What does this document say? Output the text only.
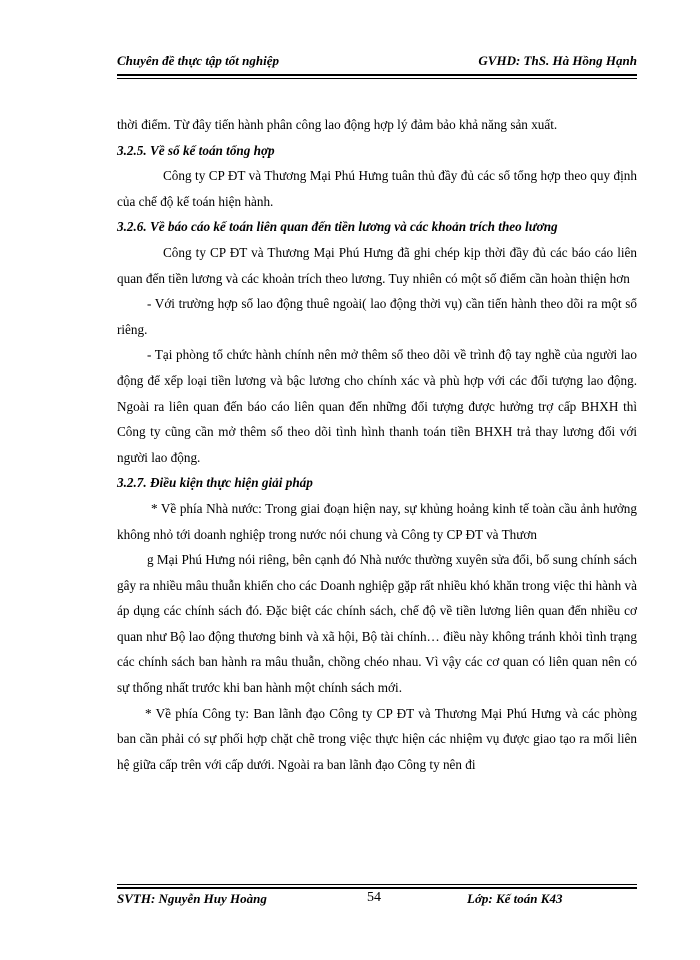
Chuyên đề thực tập tốt nghiệp	GVHD: ThS. Hà Hồng Hạnh

thời điểm. Từ đây tiến hành phân công lao động hợp lý đảm bảo khả năng sản xuất.

3.2.5. Về sổ kế toán tổng hợp

Công ty CP ĐT và Thương Mại Phú Hưng tuân thủ đầy đủ các sổ tổng hợp theo quy định của chế độ kế toán hiện hành.

3.2.6. Về báo cáo kế toán liên quan đến tiền lương và các khoản trích theo lương

Công ty CP ĐT và Thương Mại Phú Hưng đã ghi chép kịp thời đầy đủ các báo cáo liên quan đến tiền lương và các khoản trích theo lương. Tuy nhiên có một số điểm cần hoàn thiện hơn

- Với trường hợp số lao động thuê ngoài( lao động thời vụ) cần tiến hành theo dõi ra một sổ riêng.

- Tại phòng tổ chức hành chính nên mở thêm sổ theo dõi về trình độ tay nghề của người lao động để xếp loại tiền lương và bậc lương cho chính xác và phù hợp với các đối tượng lao động. Ngoài ra liên quan đến báo cáo liên quan đến những đối tượng được hưởng trợ cấp BHXH thì Công ty cũng cần mở thêm sổ theo dõi tình hình thanh toán tiền BHXH trả thay lương đối với người lao động.

3.2.7. Điều kiện thực hiện giải pháp

* Về phía Nhà nước: Trong giai đoạn hiện nay, sự khủng hoảng kinh tế toàn cầu ảnh hưởng không nhỏ tới doanh nghiệp trong nước nói chung và Công ty CP ĐT và Thươn

g Mại Phú Hưng nói riêng, bên cạnh đó Nhà nước thường xuyên sửa đổi, bổ sung chính sách gây ra nhiều mâu thuẫn khiến cho các Doanh nghiệp gặp rất nhiều khó khăn trong việc thi hành và áp dụng các chính sách đó. Đặc biệt các chính sách, chế độ về tiền lương liên quan đến nhiều cơ quan như Bộ lao động thương binh và xã hội, Bộ tài chính… điều này không tránh khỏi tình trạng các chính sách ban hành ra mâu thuẫn, chồng chéo nhau. Vì vậy các cơ quan có liên quan nên có sự thống nhất trước khi ban hành một chính sách mới.

* Về phía Công ty: Ban lãnh đạo Công ty CP ĐT và Thương Mại Phú Hưng và các phòng ban cần phải có sự phối hợp chặt chẽ trong việc thực hiện các nhiệm vụ được giao tạo ra mối liên hệ giữa cấp trên với cấp dưới. Ngoài ra ban lãnh đạo Công ty nên đi

SVTH: Nguyễn Huy Hoàng	54	Lớp: Kế toán K43
